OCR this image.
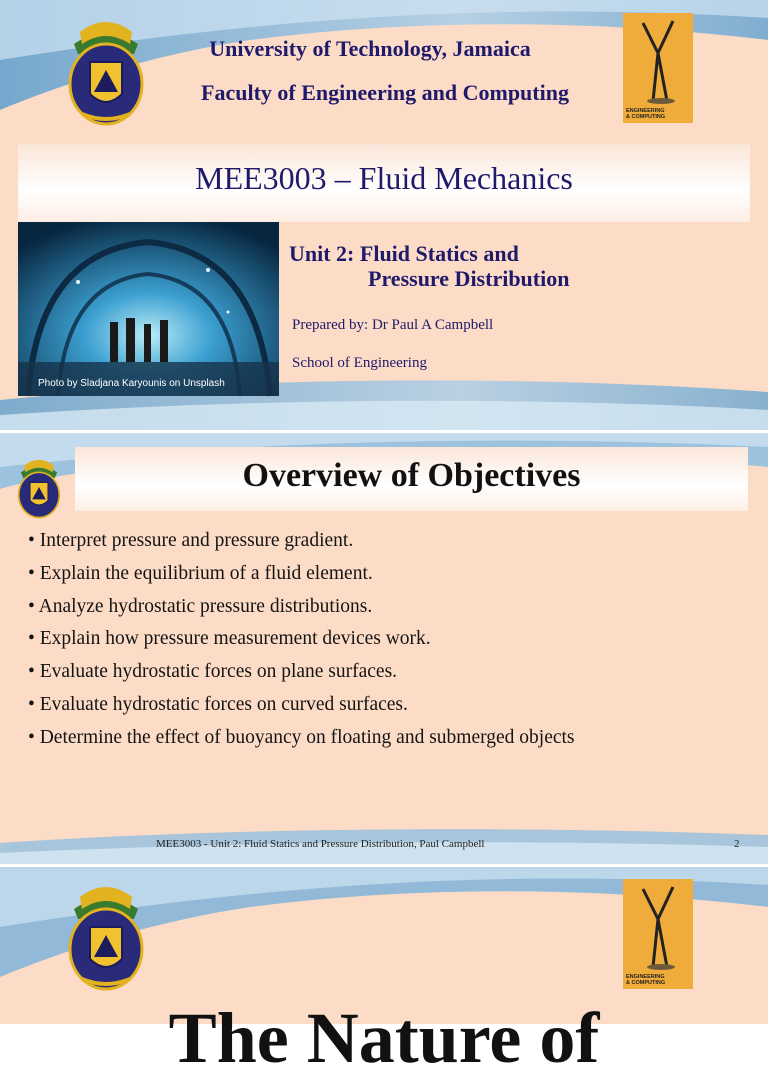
University of Technology, Jamaica
Faculty of Engineering and Computing
ENGINEERING
& COMPUTING
MEE3003 – Fluid Mechanics
Photo by Sladjana Karyounis on Unsplash
Unit 2: Fluid Statics and
Pressure Distribution
Prepared by: Dr Paul A Campbell
School of Engineering
Overview of Objectives
• Interpret pressure and pressure gradient.
• Explain the equilibrium of a fluid element.
• Analyze hydrostatic pressure distributions.
• Explain how pressure measurement devices work.
• Evaluate hydrostatic forces on plane surfaces.
• Evaluate hydrostatic forces on curved surfaces.
• Determine the effect of buoyancy on floating and submerged objects
MEE3003 - Unit 2: Fluid Statics and Pressure Distribution, Paul Campbell	2
ENGINEERING
& COMPUTING
The Nature of
